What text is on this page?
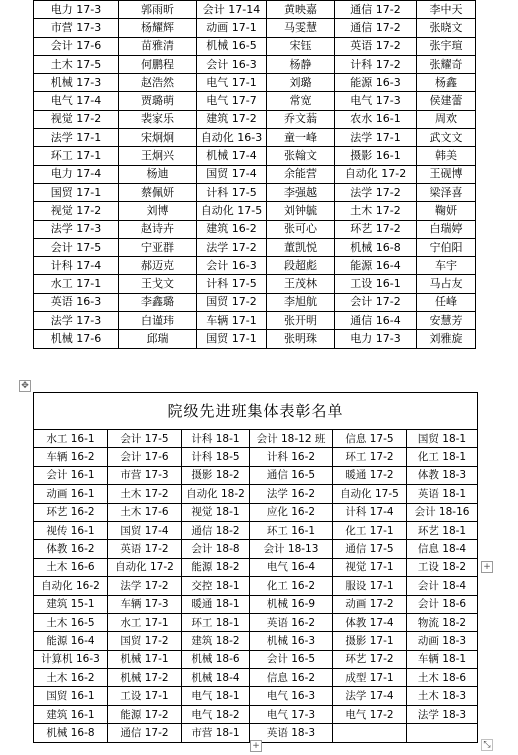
电力 17-3	郭雨昕	会计 17-14	黄映嘉	通信 17-2	李中天
市营 17-3	杨耀辉	动画 17-1	马雯慧	通信 17-2	张晓文
会计 17-6	苗雅清	机械 16-5	宋钰	英语 17-2	张宇瑄
土木 17-5	何鹏程	会计 16-3	杨静	计科 17-2	张耀奇
机械 17-3	赵浩然	电气 17-1	刘璐	能源 16-3	杨鑫
电气 17-4	贾璐萌	电气 17-7	常宽	电气 17-3	侯建蕾
视觉 17-2	裴家乐	建筑 17-2	乔文蓊	农水 16-1	周欢
法学 17-1	宋炯炯	自动化 16-3	童一峰	法学 17-1	武文文
环工 17-1	王炯兴	机械 17-4	张翰文	摄影 16-1	韩美
电力 17-4	杨迪	国贸 17-4	余能营	自动化 17-2	王砚博
国贸 17-1	蔡佩妍	计科 17-5	李强越	法学 17-2	梁泽喜
视觉 17-2	刘博	自动化 17-5	刘钟毓	土木 17-2	鞠妍
法学 17-3	赵诗卉	建筑 16-2	张可心	环艺 17-2	白瑞婷
会计 17-5	宁亚群	法学 17-2	董凯悦	机械 16-8	宁伯阳
计科 17-4	郝迈克	会计 16-3	段超彪	能源 16-4	车宇
水工 17-1	王戈文	计科 17-5	王茂林	工设 16-1	马占友
英语 16-3	李鑫璐	国贸 17-2	李旭航	会计 17-2	任峰
法学 17-3	白谨玮	车辆 17-1	张开明	通信 16-4	安慧芳
机械 17-6	邱瑞	国贸 17-1	张明珠	电力 17-3	刘雅旋
✥
院级先进班集体表彰名单					
水工 16-1	会计 17-5	计科 18-1	会计 18-12 班	信息 17-5	国贸 18-1
车辆 16-2	会计 17-6	计科 18-5	计科 16-2	环工 17-2	化工 18-1
会计 16-1	市营 17-3	摄影 18-2	通信 16-5	暖通 17-2	体教 18-3
动画 16-1	土木 17-2	自动化 18-2	法学 16-2	自动化 17-5	英语 18-1
环艺 16-2	土木 17-6	视觉 18-1	应化 16-2	计科 17-4	会计 18-16
视传 16-1	国贸 17-4	通信 18-2	环工 16-1	化工 17-1	环艺 18-1
体教 16-2	英语 17-2	会计 18-8	会计 18-13	通信 17-5	信息 18-4
土木 16-6	自动化 17-2	能源 18-2	电气 16-4	视觉 17-1	工设 18-2
自动化 16-2	法学 17-2	交控 18-1	化工 16-2	服设 17-1	会计 18-4
建筑 15-1	车辆 17-3	暖通 18-1	机械 16-9	动画 17-2	会计 18-6
土木 16-5	水工 17-1	环工 18-1	英语 16-2	体教 17-4	物流 18-2
能源 16-4	国贸 17-2	建筑 18-2	机械 16-3	摄影 17-1	动画 18-3
计算机 16-3	机械 17-1	机械 18-6	会计 16-5	环艺 17-2	车辆 18-1
土木 16-2	机械 17-2	机械 18-4	信息 16-2	成型 17-1	土木 18-6
国贸 16-1	工设 17-1	电气 18-1	电气 16-3	法学 17-4	土木 18-3
建筑 16-1	能源 17-2	电气 18-2	电气 17-3	电气 17-2	法学 18-3
机械 16-8	通信 17-2	市营 18-1	英语 18-3		
+
+	⤡
